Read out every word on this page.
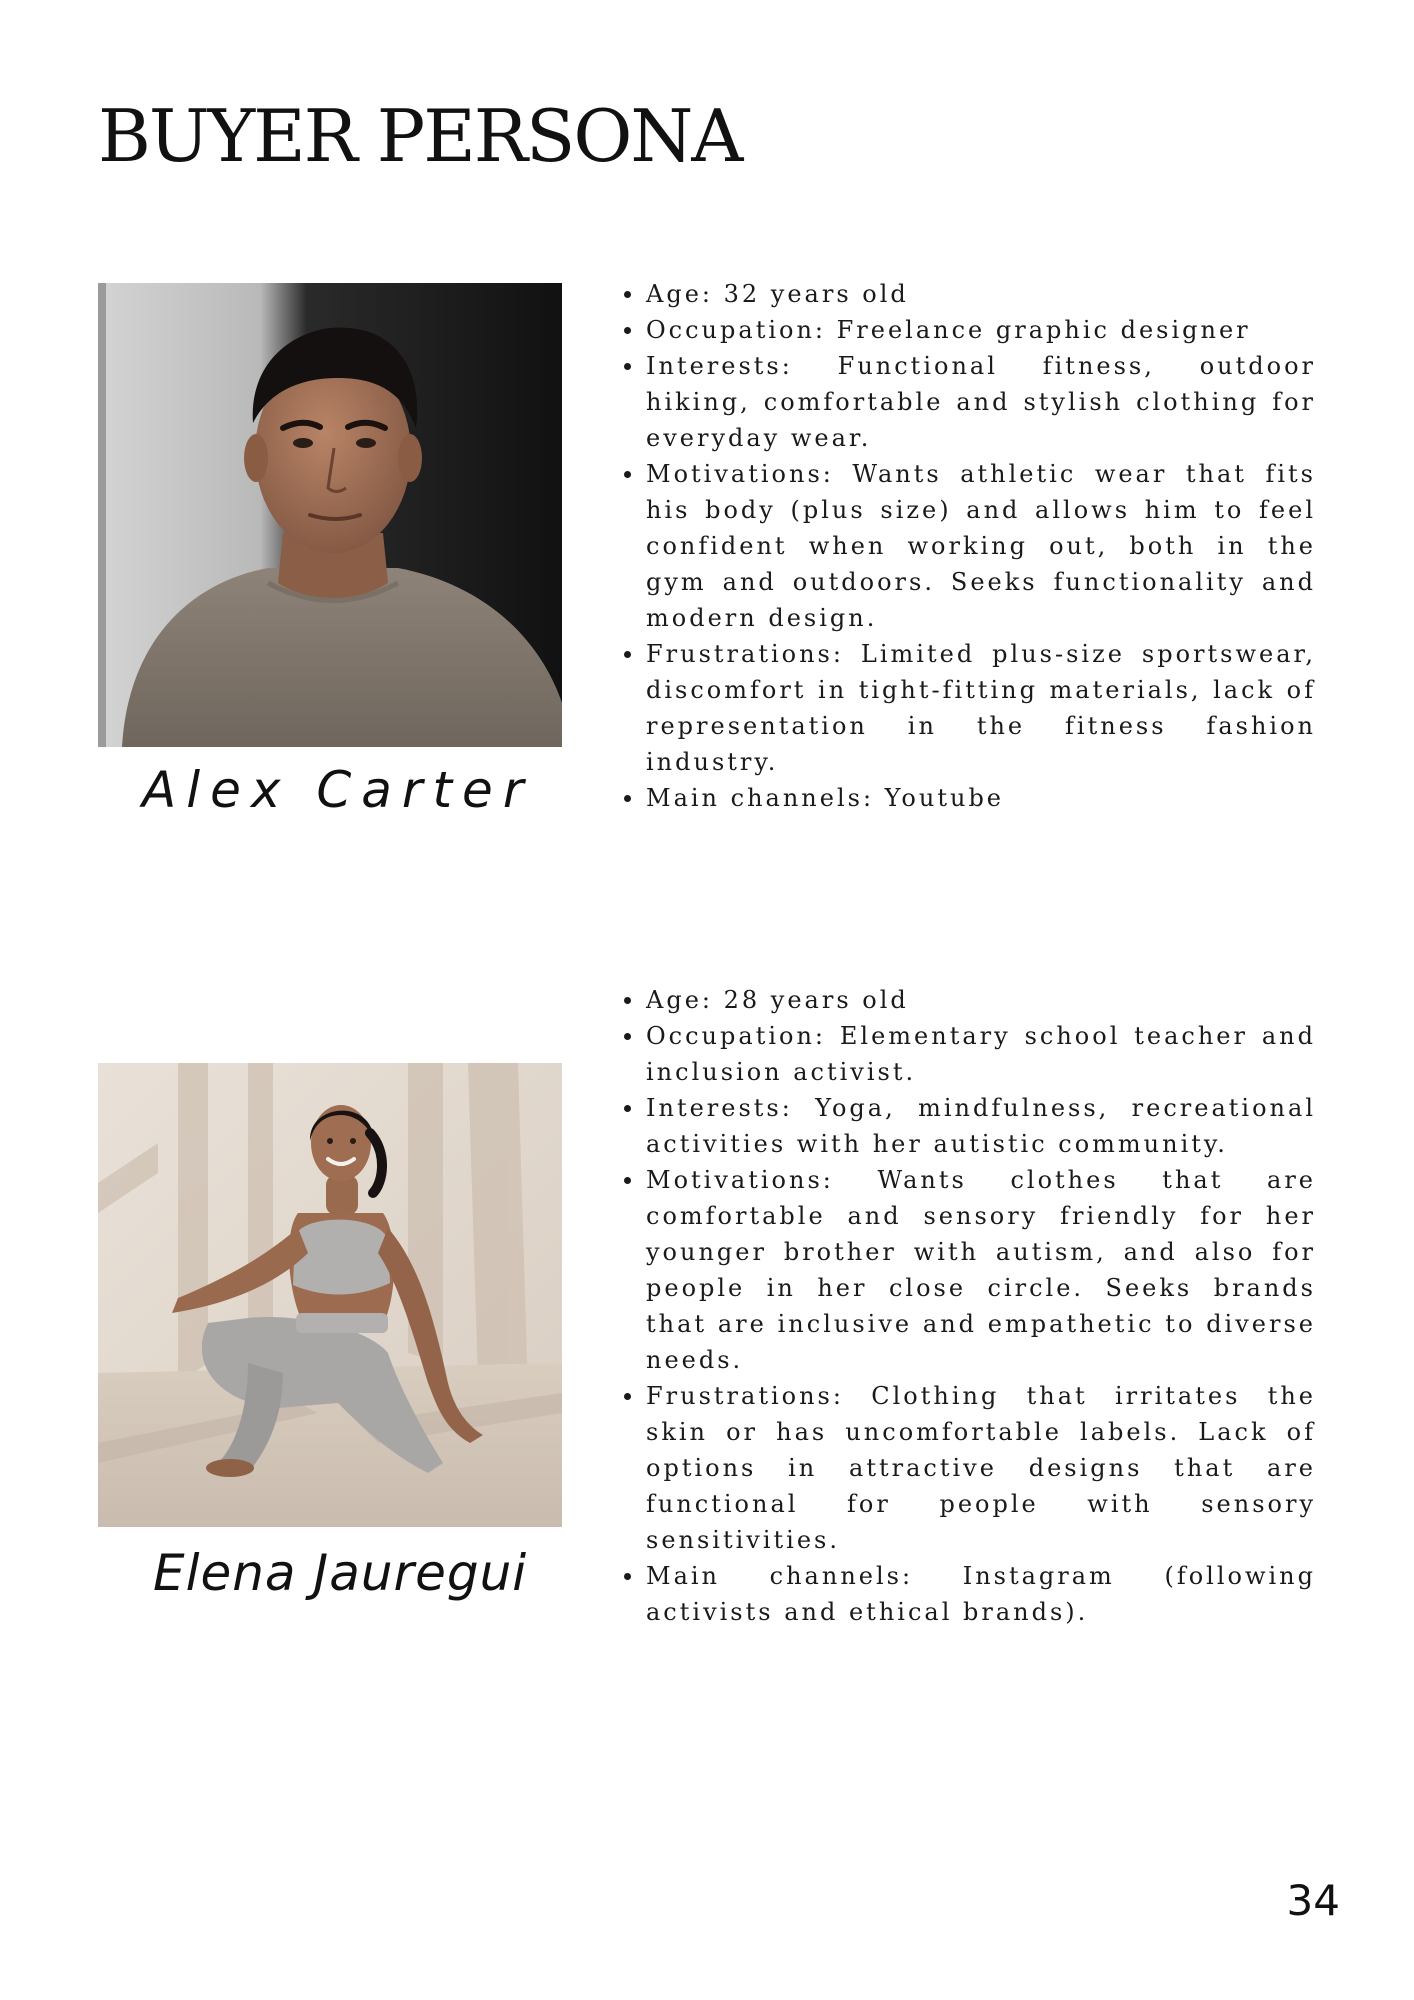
BUYER PERSONA
Alex Carter
Age: 32 years old
Occupation: Freelance graphic designer
Interests: Functional fitness, outdoor hiking, comfortable and stylish clothing for everyday wear.
Motivations: Wants athletic wear that fits his body (plus size) and allows him to feel confident when working out, both in the gym and outdoors. Seeks functionality and modern design.
Frustrations: Limited plus-size sportswear, discomfort in tight-fitting materials, lack of representation in the fitness fashion industry.
Main channels: Youtube
Elena Jauregui
Age: 28 years old
Occupation: Elementary school teacher and inclusion activist.
Interests: Yoga, mindfulness, recreational activities with her autistic community.
Motivations: Wants clothes that are comfortable and sensory friendly for her younger brother with autism, and also for people in her close circle. Seeks brands that are inclusive and empathetic to diverse needs.
Frustrations: Clothing that irritates the skin or has uncomfortable labels. Lack of options in attractive designs that are functional for people with sensory sensitivities.
Main channels: Instagram (following activists and ethical brands).
34
